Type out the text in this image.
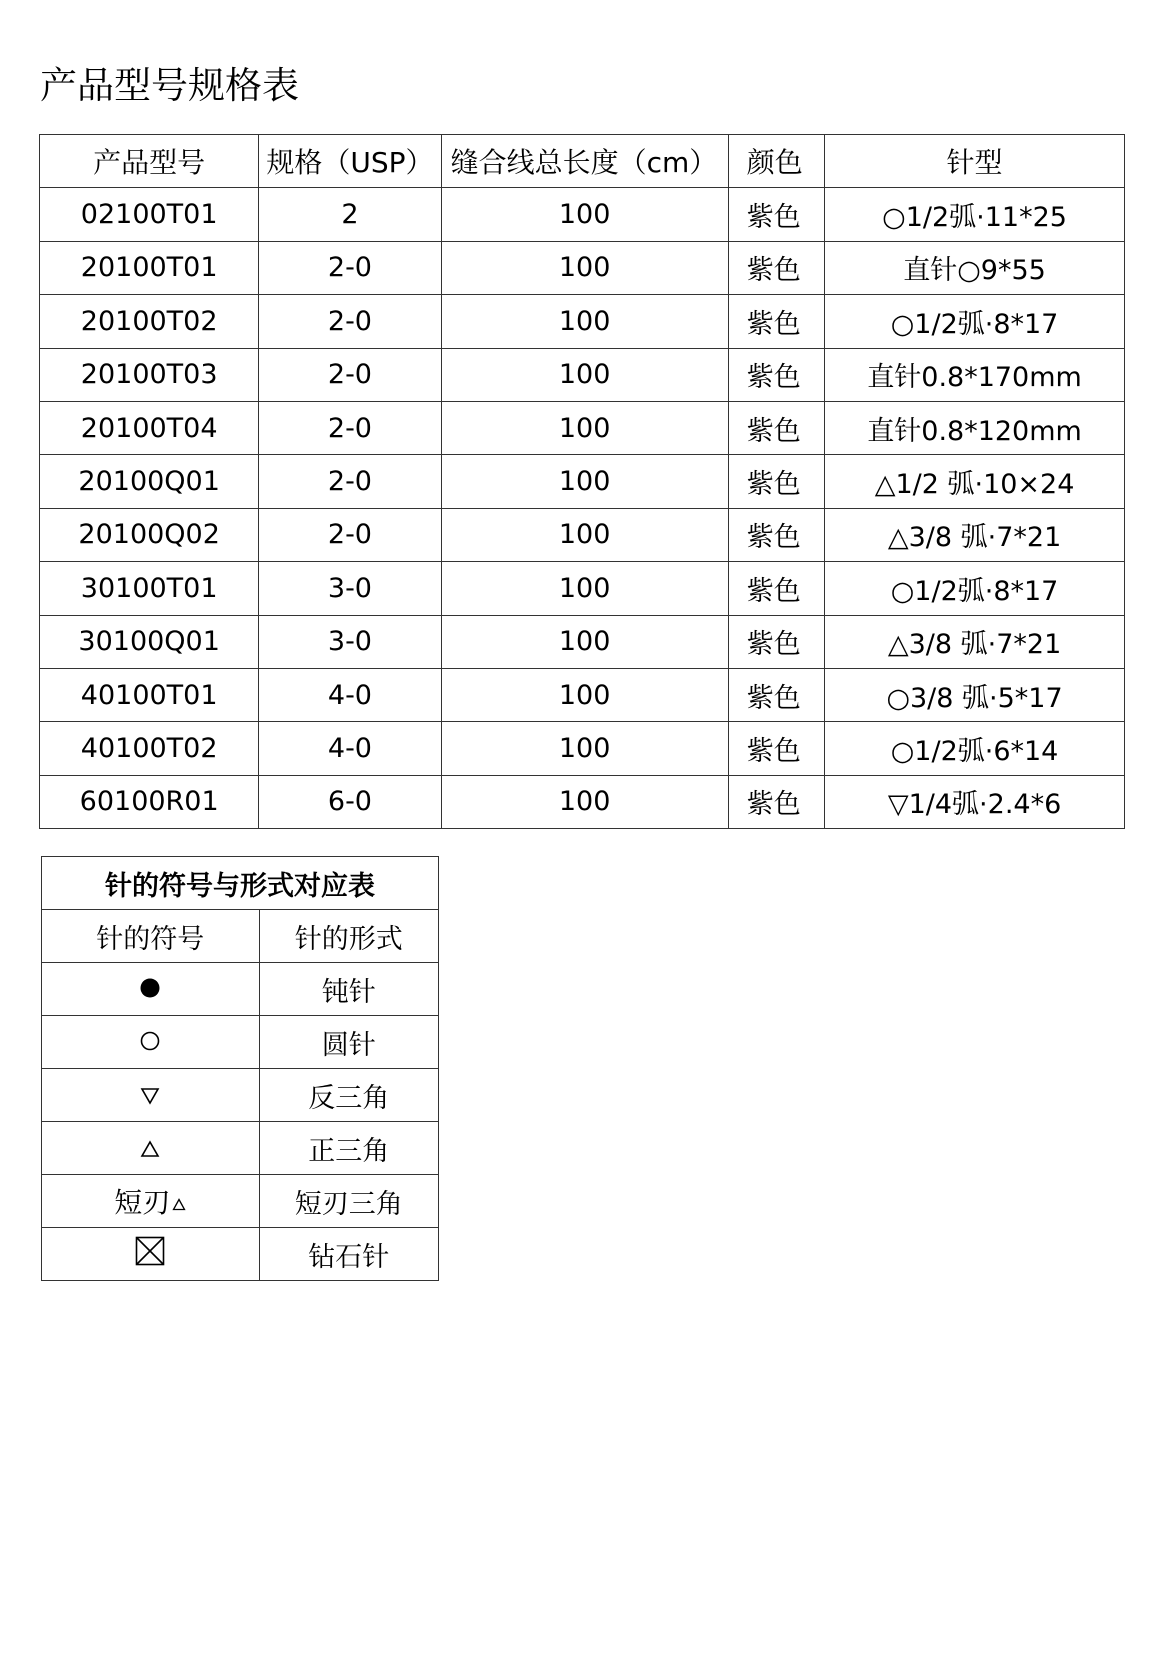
产品型号规格表
产品型号	规格（USP）	缝合线总长度（cm）	颜色	针型
02100T01	2	100	紫色	○1/2弧·11*25
20100T01	2-0	100	紫色	直针○9*55
20100T02	2-0	100	紫色	○1/2弧·8*17
20100T03	2-0	100	紫色	直针0.8*170mm
20100T04	2-0	100	紫色	直针0.8*120mm
20100Q01	2-0	100	紫色	△1/2 弧·10×24
20100Q02	2-0	100	紫色	△3/8 弧·7*21
30100T01	3-0	100	紫色	○1/2弧·8*17
30100Q01	3-0	100	紫色	△3/8 弧·7*21
40100T01	4-0	100	紫色	○3/8 弧·5*17
40100T02	4-0	100	紫色	○1/2弧·6*14
60100R01	6-0	100	紫色	▽1/4弧·2.4*6
针的符号与形式对应表	
针的符号	针的形式
	钝针
	圆针
	反三角
	正三角
短刃	短刃三角
	钻石针
